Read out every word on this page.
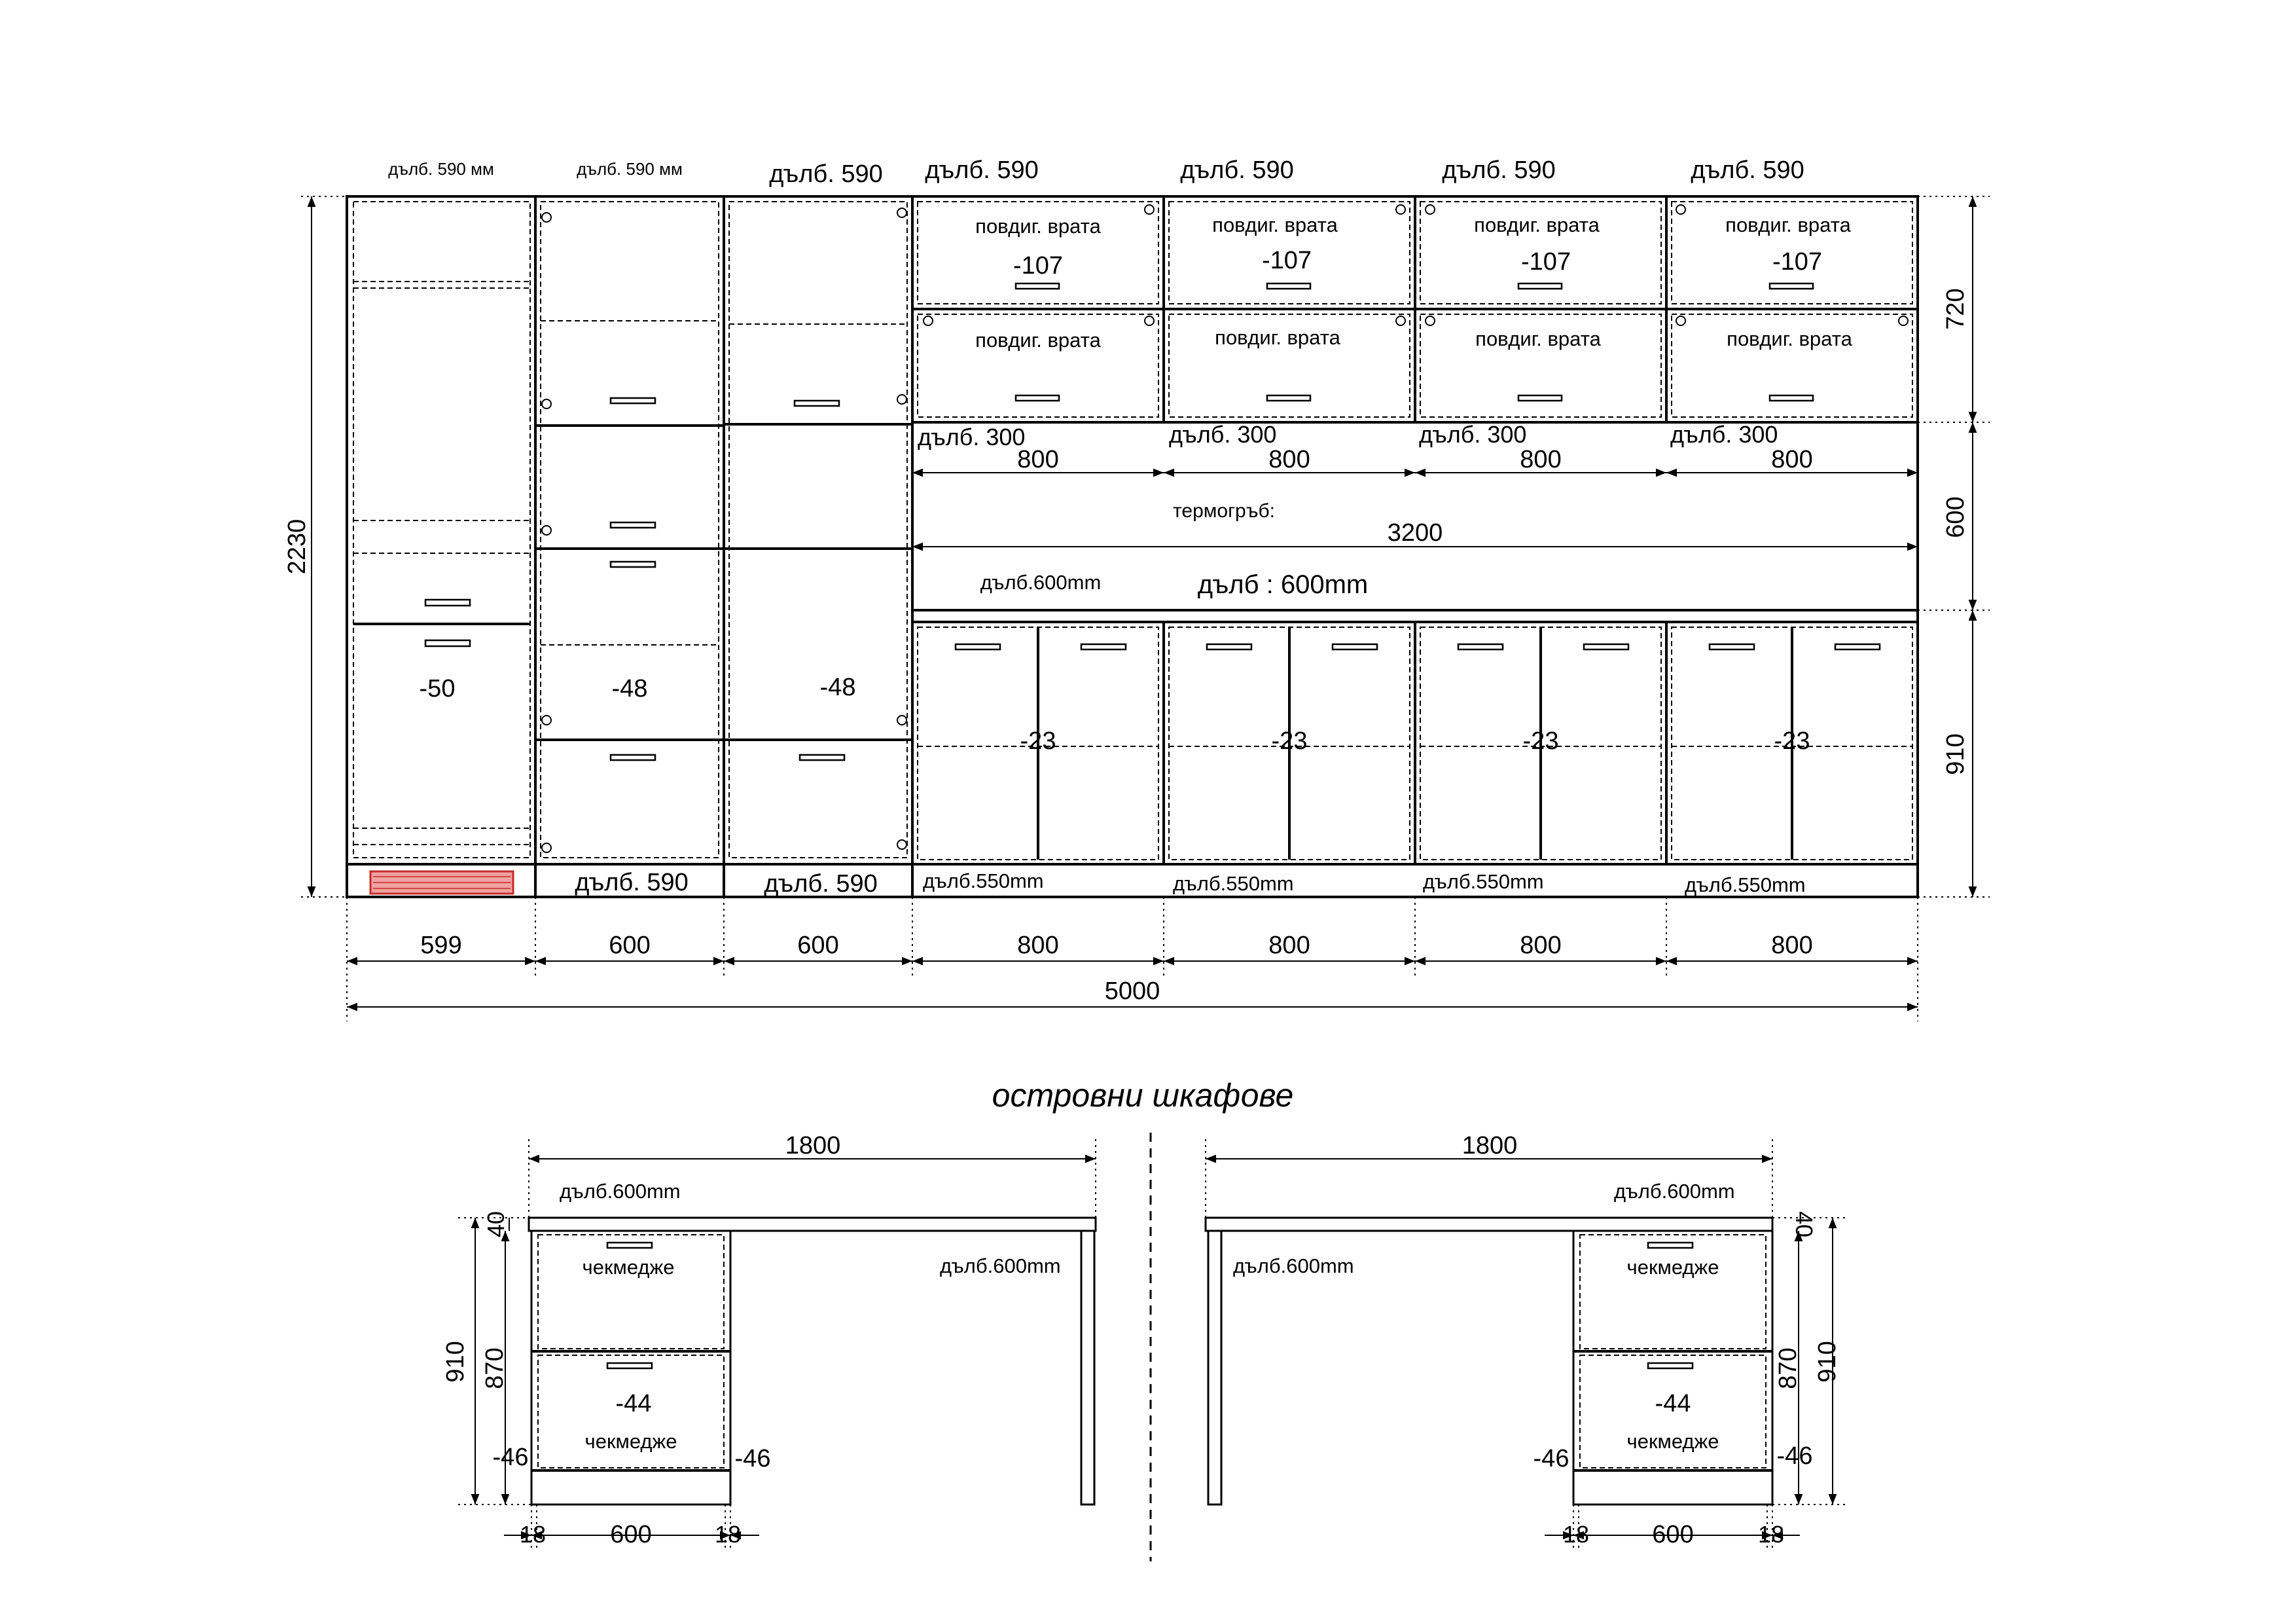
дълб. 590 мм	дълб. 590 мм	дълб. 590 дълб. 590	дълб. 590	дълб. 590	дълб. 590
повдиг. врата	повдиг. врата	повдиг. врата	повдиг. врата
-107	-107	-107	-107
повдиг. врата	повдиг. врата	повдиг. врата	повдиг. врата
дълб. 300	дълб. 300	дълб. 300	дълб. 300
800	800	800	800
термогръб:
3200
дълб.600mm	дълб : 600mm
-50	-48	-48
дълб. 590	дълб. 590
-23	-23	-23	-23
дълб.550mm	дълб.550mm	дълб.550mm	дълб.550mm
2230
720
600
910
599	600	600	800	800	800	800
5000
островни шкафове
1800
дълб.600mm
дълб.600mm
чекмедже
-44
чекмедже
-46	-46
40
870
910
18	600	18
1800
дълб.600mm
дълб.600mm	чекмедже
-44
чекмедже
-46	-46
40
870 910
18	600	18
